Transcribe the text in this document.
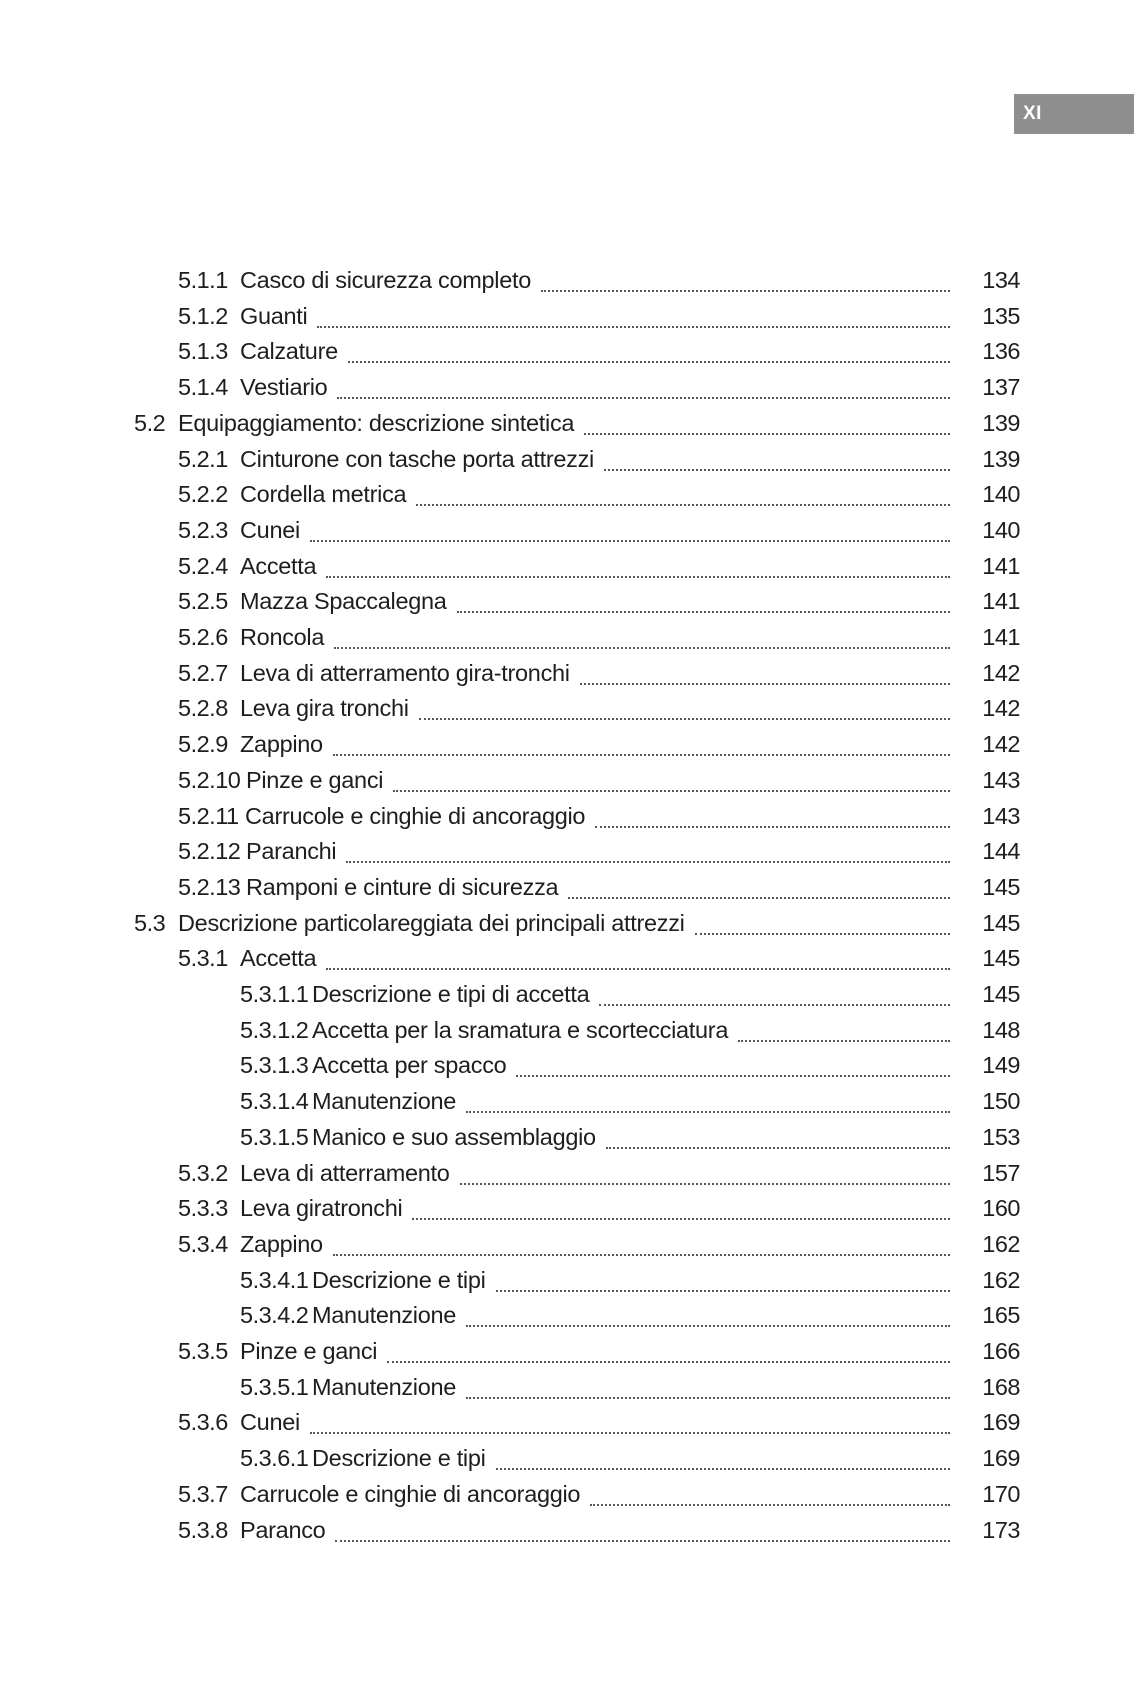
XI
5.1.1 Casco di sicurezza completo	134
5.1.2 Guanti	135
5.1.3 Calzature	136
5.1.4 Vestiario	137
5.2 Equipaggiamento: descrizione sintetica	139
5.2.1 Cinturone con tasche porta attrezzi	139
5.2.2 Cordella metrica	140
5.2.3 Cunei	140
5.2.4 Accetta	141
5.2.5 Mazza Spaccalegna	141
5.2.6 Roncola	141
5.2.7 Leva di atterramento gira-tronchi	142
5.2.8 Leva gira tronchi	142
5.2.9 Zappino	142
5.2.10 Pinze e ganci	143
5.2.11 Carrucole e cinghie di ancoraggio	143
5.2.12 Paranchi	144
5.2.13 Ramponi e cinture di sicurezza	145
5.3 Descrizione particolareggiata dei principali attrezzi	145
5.3.1 Accetta	145
5.3.1.1 Descrizione e tipi di accetta	145
5.3.1.2 Accetta per la sramatura e scortecciatura	148
5.3.1.3 Accetta per spacco	149
5.3.1.4 Manutenzione	150
5.3.1.5 Manico e suo assemblaggio	153
5.3.2 Leva di atterramento	157
5.3.3 Leva giratronchi	160
5.3.4 Zappino	162
5.3.4.1 Descrizione e tipi	162
5.3.4.2 Manutenzione	165
5.3.5 Pinze e ganci	166
5.3.5.1 Manutenzione	168
5.3.6 Cunei	169
5.3.6.1 Descrizione e tipi	169
5.3.7 Carrucole e cinghie di ancoraggio	170
5.3.8 Paranco	173
